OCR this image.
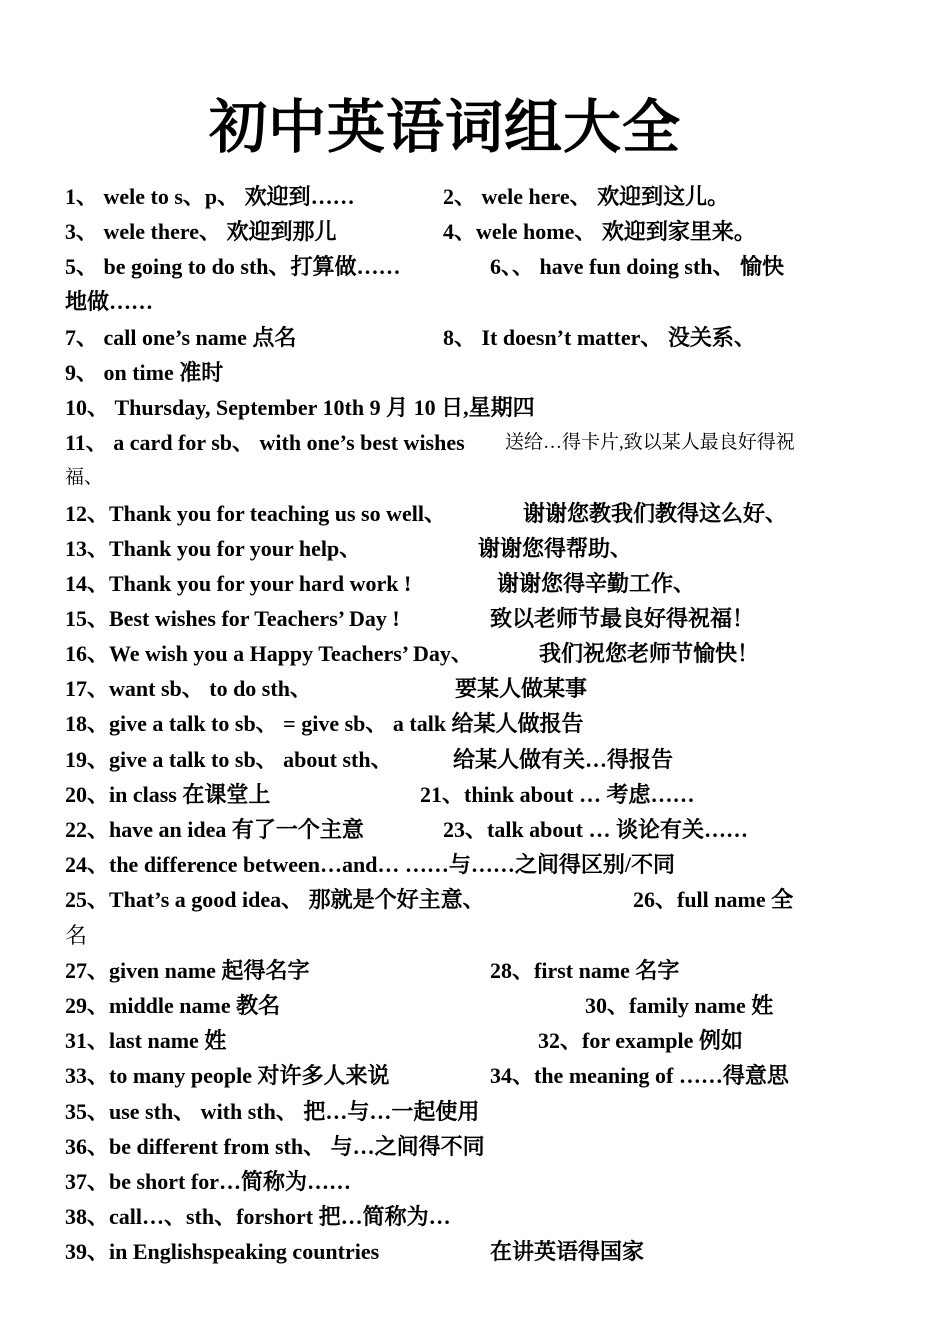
初中英语词组大全
1、 wele to s、p、 欢迎到……	2、 wele here、 欢迎到这儿。
3、 wele there、 欢迎到那儿	4、wele home、 欢迎到家里来。
5、 be going to do sth、打算做……	6、、 have fun doing sth、 愉快
地做……
7、 call one’s name 点名	8、 It doesn’t matter、 没关系、
9、 on time 准时
10、 Thursday, September 10th 9 月 10 日,星期四
11、 a card for sb、 with one’s best wishes 送给…得卡片,致以某人最良好得祝
福、
12、Thank you for teaching us so well、	谢谢您教我们教得这么好、
13、Thank you for your help、	谢谢您得帮助、
14、Thank you for your hard work !	谢谢您得辛勤工作、
15、Best wishes for Teachers’ Day !	致以老师节最良好得祝福！
16、We wish you a Happy Teachers’ Day、	我们祝您老师节愉快！
17、want sb、 to do sth、	要某人做某事
18、give a talk to sb、 = give sb、 a talk 给某人做报告
19、give a talk to sb、 about sth、	给某人做有关…得报告
20、in class 在课堂上	21、think about … 考虑……
22、have an idea 有了一个主意	23、talk about … 谈论有关……
24、the difference between…and… ……与……之间得区别/不同
25、That’s a good idea、 那就是个好主意、	26、full name 全
名
27、given name 起得名字	28、first name 名字
29、middle name 教名	30、family name 姓
31、last name 姓	32、for example 例如
33、to many people 对许多人来说	34、the meaning of ……得意思
35、use sth、 with sth、 把…与…一起使用
36、be different from sth、 与…之间得不同
37、be short for…简称为……
38、call…、sth、forshort 把…简称为…
39、in Englishspeaking countries	在讲英语得国家
